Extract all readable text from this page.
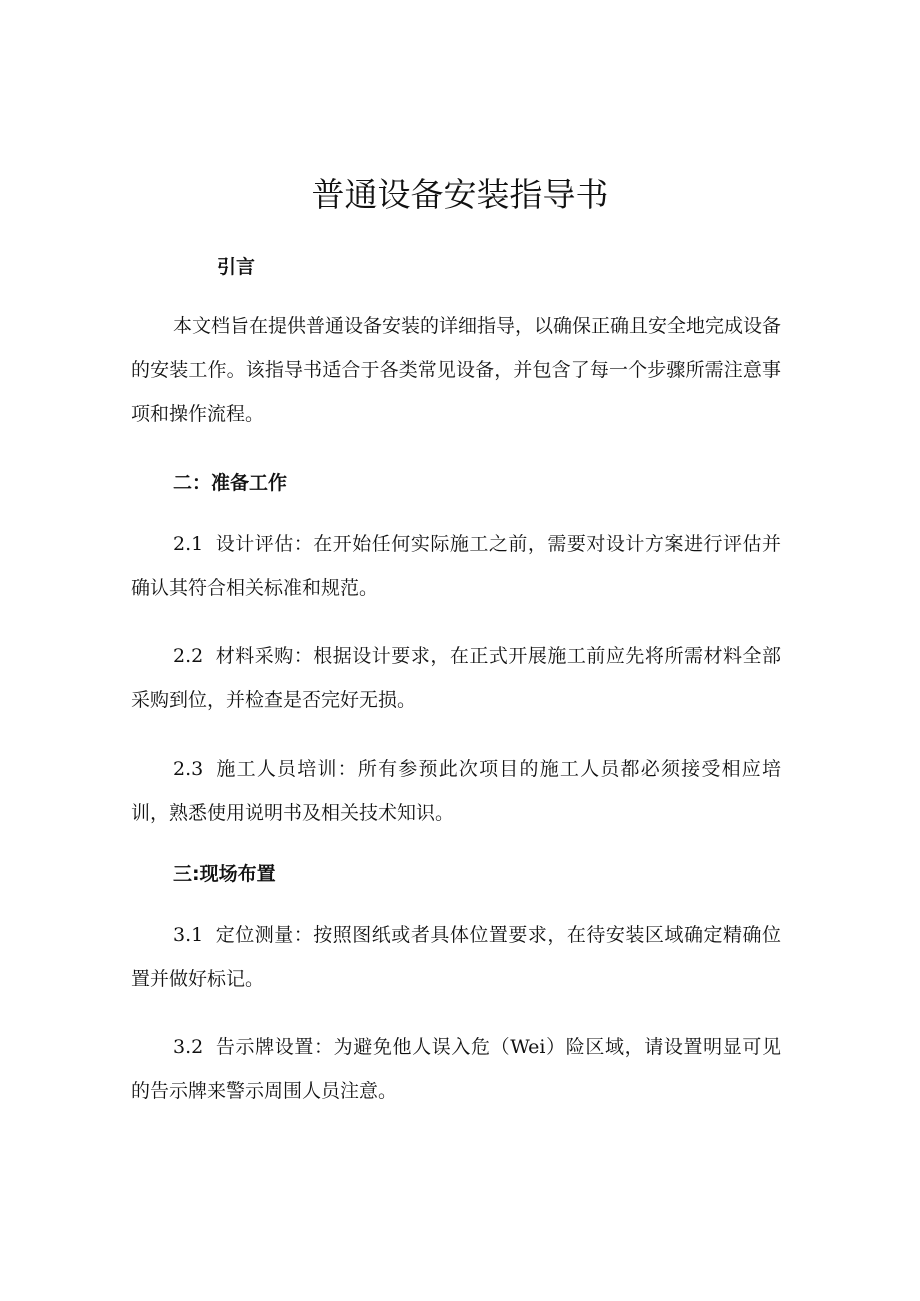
普通设备安装指导书
引言

本文档旨在提供普通设备安装的详细指导，以确保正确且安全地完成设备的安装工作。该指导书适合于各类常见设备，并包含了每一个步骤所需注意事项和操作流程。

二：准备工作

2.1 设计评估：在开始任何实际施工之前，需要对设计方案进行评估并确认其符合相关标准和规范。

2.2 材料采购：根据设计要求，在正式开展施工前应先将所需材料全部采购到位，并检查是否完好无损。

2.3 施工人员培训：所有参预此次项目的施工人员都必须接受相应培训，熟悉使用说明书及相关技术知识。

三:现场布置

3.1 定位测量：按照图纸或者具体位置要求，在待安装区域确定精确位置并做好标记。

3.2 告示牌设置：为避免他人误入危（Wei）险区域，请设置明显可见的告示牌来警示周围人员注意。
